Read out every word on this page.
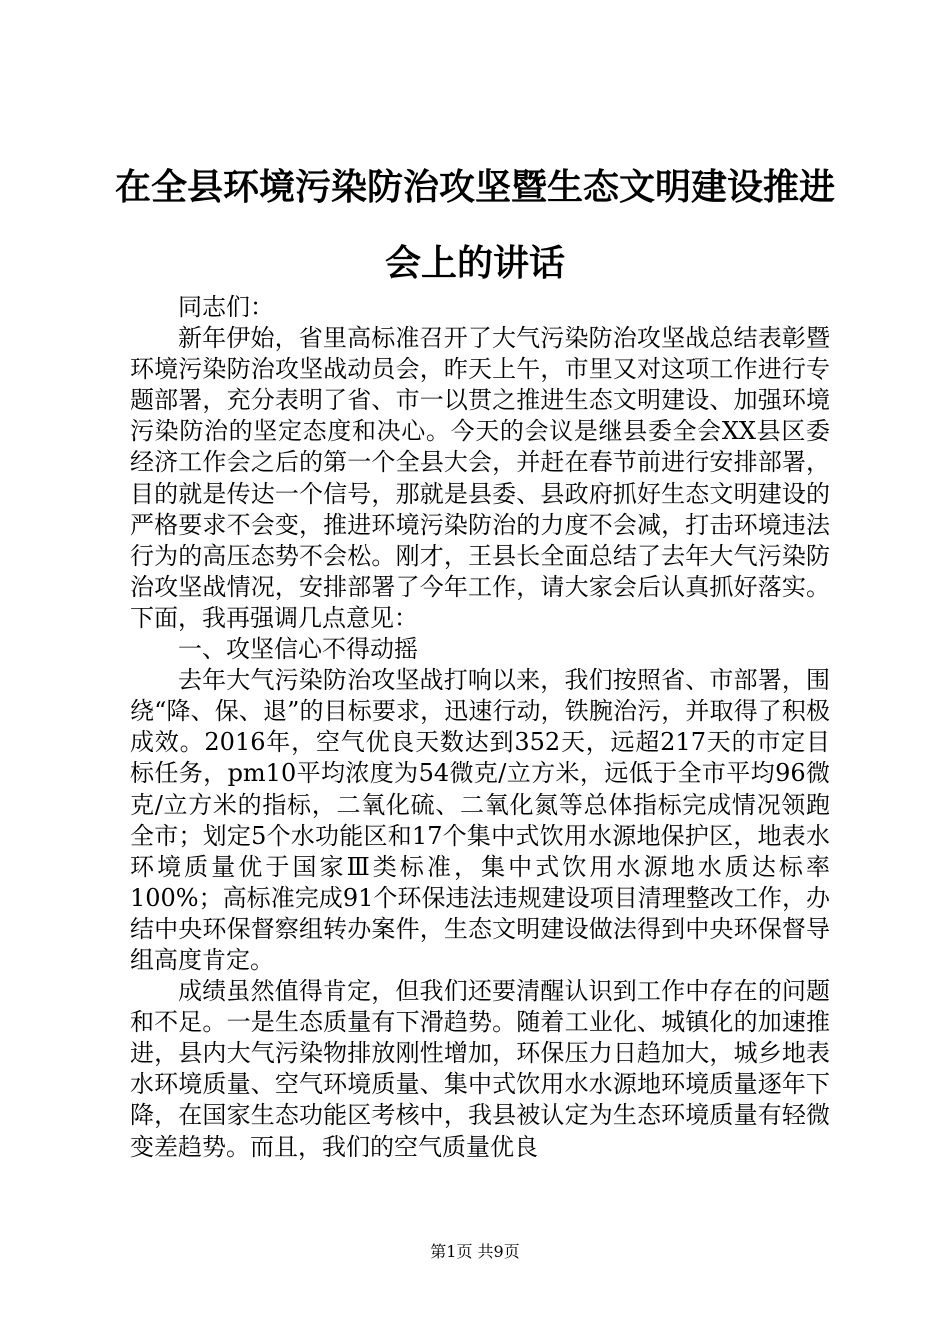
在全县环境污染防治攻坚暨生态文明建设推进会上的讲话

同志们：

新年伊始，省里高标准召开了大气污染防治攻坚战总结表彰暨环境污染防治攻坚战动员会，昨天上午，市里又对这项工作进行专题部署，充分表明了省、市一以贯之推进生态文明建设、加强环境污染防治的坚定态度和决心。今天的会议是继县委全会XX县区委经济工作会之后的第一个全县大会，并赶在春节前进行安排部署，目的就是传达一个信号，那就是县委、县政府抓好生态文明建设的严格要求不会变，推进环境污染防治的力度不会减，打击环境违法行为的高压态势不会松。刚才，王县长全面总结了去年大气污染防治攻坚战情况，安排部署了今年工作，请大家会后认真抓好落实。下面，我再强调几点意见：

一、攻坚信心不得动摇

去年大气污染防治攻坚战打响以来，我们按照省、市部署，围绕“降、保、退”的目标要求，迅速行动，铁腕治污，并取得了积极成效。2016年，空气优良天数达到352天，远超217天的市定目标任务，pm10平均浓度为54微克/立方米，远低于全市平均96微克/立方米的指标，二氧化硫、二氧化氮等总体指标完成情况领跑全市；划定5个水功能区和17个集中式饮用水源地保护区，地表水环境质量优于国家Ⅲ类标准，集中式饮用水源地水质达标率100%；高标准完成91个环保违法违规建设项目清理整改工作，办结中央环保督察组转办案件，生态文明建设做法得到中央环保督导组高度肯定。

成绩虽然值得肯定，但我们还要清醒认识到工作中存在的问题和不足。一是生态质量有下滑趋势。随着工业化、城镇化的加速推进，县内大气污染物排放刚性增加，环保压力日趋加大，城乡地表水环境质量、空气环境质量、集中式饮用水水源地环境质量逐年下降，在国家生态功能区考核中，我县被认定为生态环境质量有轻微变差趋势。而且，我们的空气质量优良

第1页 共9页
